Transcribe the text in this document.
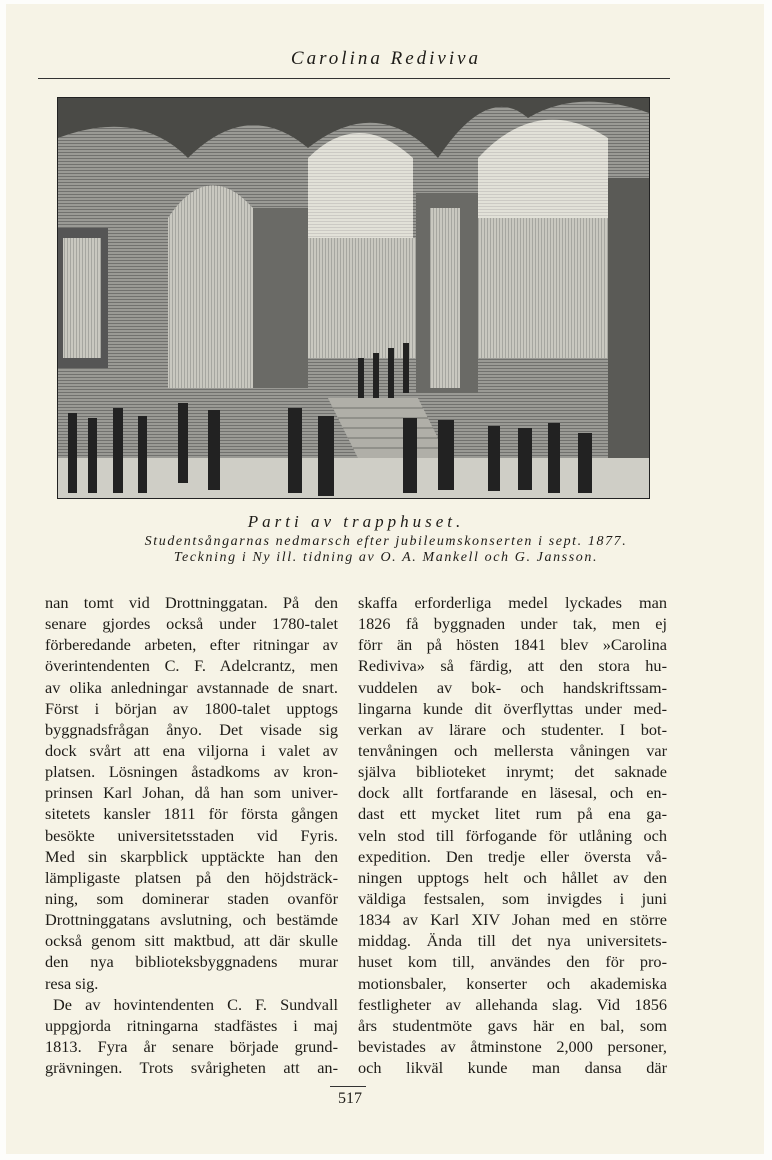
Carolina Rediviva
Parti av trapphuset.
Studentsångarnas nedmarsch efter jubileumskonserten i sept. 1877.
Teckning i Ny ill. tidning av O. A. Mankell och G. Jansson.
nan tomt vid Drottninggatan. På den
senare gjordes också under 1780-talet
förberedande arbeten, efter ritningar av
överintendenten C. F. Adelcrantz, men
av olika anledningar avstannade de snart.
Först i början av 1800-talet upptogs
byggnadsfrågan ånyo. Det visade sig
dock svårt att ena viljorna i valet av
platsen. Lösningen åstadkoms av kron-
prinsen Karl Johan, då han som univer-
sitetets kansler 1811 för första gången
besökte universitetsstaden vid Fyris.
Med sin skarpblick upptäckte han den
lämpligaste platsen på den höjdsträck-
ning, som dominerar staden ovanför
Drottninggatans avslutning, och bestämde
också genom sitt maktbud, att där skulle
den nya biblioteksbyggnadens murar
resa sig.
De av hovintendenten C. F. Sundvall
uppgjorda ritningarna stadfästes i maj
1813. Fyra år senare började grund-
grävningen. Trots svårigheten att an-
skaffa erforderliga medel lyckades man
1826 få byggnaden under tak, men ej
förr än på hösten 1841 blev »Carolina
Rediviva» så färdig, att den stora hu-
vuddelen av bok- och handskriftssam-
lingarna kunde dit överflyttas under med-
verkan av lärare och studenter. I bot-
tenvåningen och mellersta våningen var
själva biblioteket inrymt; det saknade
dock allt fortfarande en läsesal, och en-
dast ett mycket litet rum på ena ga-
veln stod till förfogande för utlåning och
expedition. Den tredje eller översta vå-
ningen upptogs helt och hållet av den
väldiga festsalen, som invigdes i juni
1834 av Karl XIV Johan med en större
middag. Ända till det nya universitets-
huset kom till, användes den för pro-
motionsbaler, konserter och akademiska
festligheter av allehanda slag. Vid 1856
års studentmöte gavs här en bal, som
bevistades av åtminstone 2,000 personer,
och likväl kunde man dansa där
517
